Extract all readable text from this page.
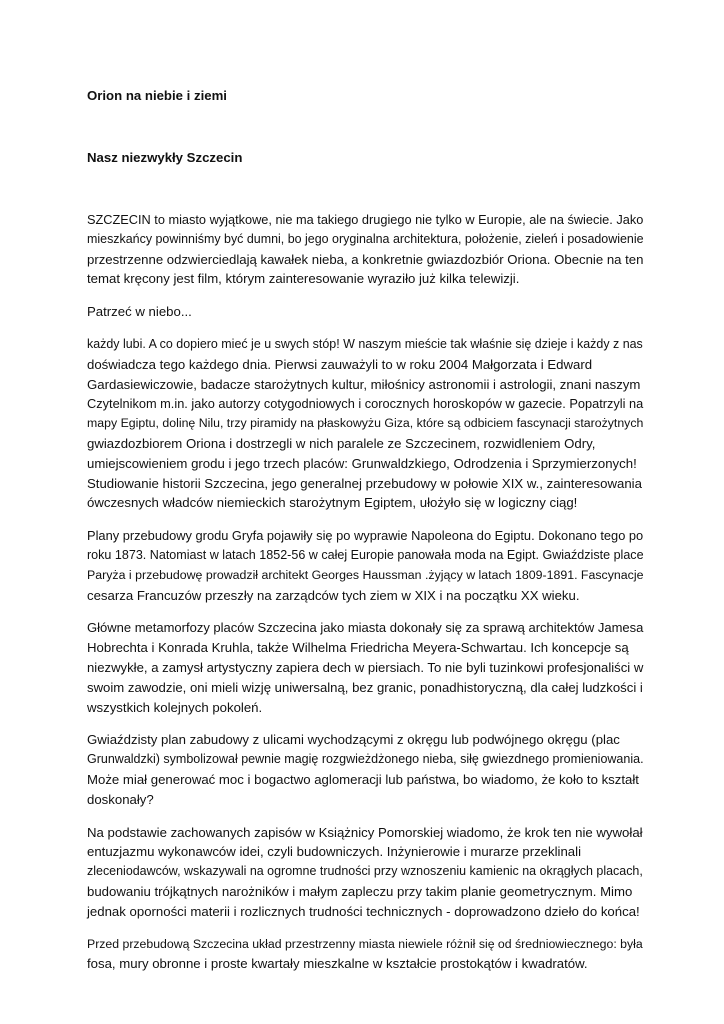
Orion na niebie i ziemi

Nasz niezwykły Szczecin

SZCZECIN to miasto wyjątkowe, nie ma takiego drugiego nie tylko w Europie, ale na świecie. Jako
mieszkańcy powinniśmy być dumni, bo jego oryginalna architektura, położenie, zieleń i posadowienie
przestrzenne odzwierciedlają kawałek nieba, a konkretnie gwiazdozbiór Oriona. Obecnie na ten
temat kręcony jest film, którym zainteresowanie wyraziło już kilka telewizji.

Patrzeć w niebo...

każdy lubi. A co dopiero mieć je u swych stóp! W naszym mieście tak właśnie się dzieje i każdy z nas
doświadcza tego każdego dnia. Pierwsi zauważyli to w roku 2004 Małgorzata i Edward
Gardasiewiczowie, badacze starożytnych kultur, miłośnicy astronomii i astrologii, znani naszym
Czytelnikom m.in. jako autorzy cotygodniowych i corocznych horoskopów w gazecie. Popatrzyli na
mapy Egiptu, dolinę Nilu, trzy piramidy na płaskowyżu Giza, które są odbiciem fascynacji starożytnych
gwiazdozbiorem Oriona i dostrzegli w nich paralele ze Szczecinem, rozwidleniem Odry,
umiejscowieniem grodu i jego trzech placów: Grunwaldzkiego, Odrodzenia i Sprzymierzonych!
Studiowanie historii Szczecina, jego generalnej przebudowy w połowie XIX w., zainteresowania
ówczesnych władców niemieckich starożytnym Egiptem, ułożyło się w logiczny ciąg!

Plany przebudowy grodu Gryfa pojawiły się po wyprawie Napoleona do Egiptu. Dokonano tego po
roku 1873. Natomiast w latach 1852-56 w całej Europie panowała moda na Egipt. Gwiaździste place
Paryża i przebudowę prowadził architekt Georges Haussman .żyjący w latach 1809-1891. Fascynacje
cesarza Francuzów przeszły na zarządców tych ziem w XIX i na początku XX wieku.

Główne metamorfozy placów Szczecina jako miasta dokonały się za sprawą architektów Jamesa
Hobrechta i Konrada Kruhla, także Wilhelma Friedricha Meyera-Schwartau. Ich koncepcje są
niezwykłe, a zamysł artystyczny zapiera dech w piersiach. To nie byli tuzinkowi profesjonaliści w
swoim zawodzie, oni mieli wizję uniwersalną, bez granic, ponadhistoryczną, dla całej ludzkości i
wszystkich kolejnych pokoleń.

Gwiaździsty plan zabudowy z ulicami wychodzącymi z okręgu lub podwójnego okręgu (plac
Grunwaldzki) symbolizował pewnie magię rozgwieżdżonego nieba, siłę gwiezdnego promieniowania.
Może miał generować moc i bogactwo aglomeracji lub państwa, bo wiadomo, że koło to kształt
doskonały?

Na podstawie zachowanych zapisów w Książnicy Pomorskiej wiadomo, że krok ten nie wywołał
entuzjazmu wykonawców idei, czyli budowniczych. Inżynierowie i murarze przeklinali
zleceniodawców, wskazywali na ogromne trudności przy wznoszeniu kamienic na okrągłych placach,
budowaniu trójkątnych narożników i małym zapleczu przy takim planie geometrycznym. Mimo
jednak oporności materii i rozlicznych trudności technicznych - doprowadzono dzieło do końca!

Przed przebudową Szczecina układ przestrzenny miasta niewiele różnił się od średniowiecznego: była
fosa, mury obronne i proste kwartały mieszkalne w kształcie prostokątów i kwadratów.
